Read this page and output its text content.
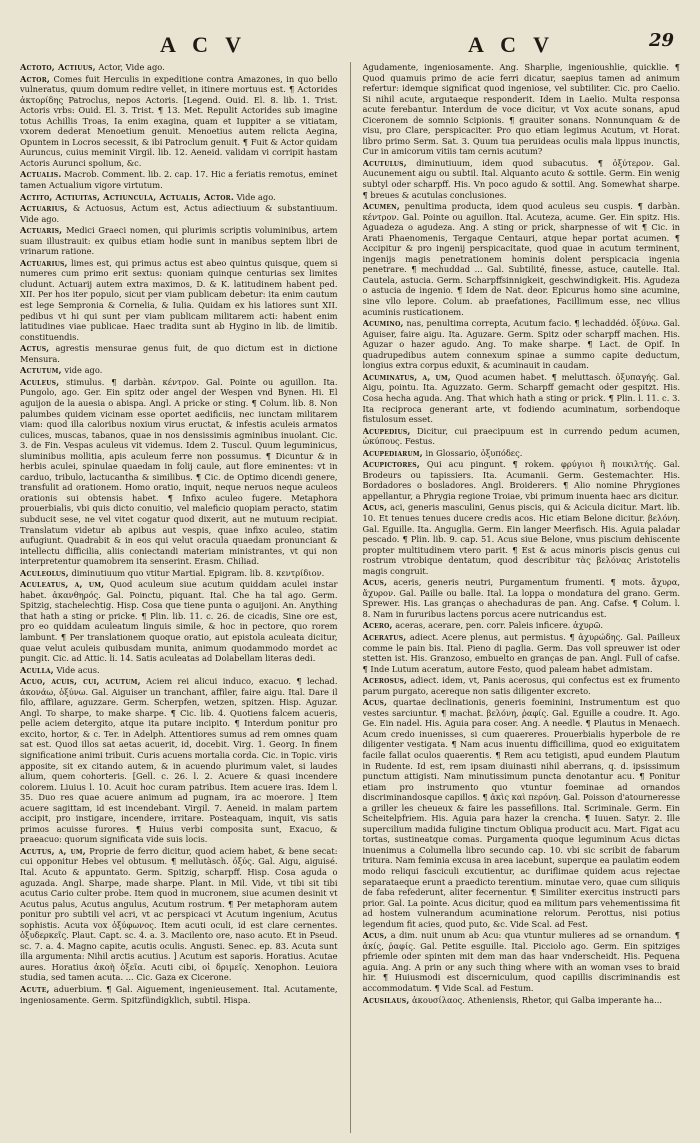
A C V	A C V	29

Actoto, Actiuus, Actor, Vide ago.

Actor, Comes fuit Herculis in expeditione contra Amazones, in quo bello vulneratus, quum domum redire vellet, in itinere mortuus est. ¶ Actorides ἀκτορίδης Patroclus, nepos Actoris. [Legend. Ouid. El. 8. lib. 1. Trist. Actoris vrbs: Ouid. El. 3. Trist. ¶ 13. Met. Repulit Actorides sub imagine totus Achillis Troas, Ia enim exagina, quam et Iuppiter a se vitiatam, vxorem dederat Menoetium genuit. Menoetius autem relicta Aegina, Opuntem in Locros secessit, & ibi Patroclum genuit. ¶ Fuit & Actor quidam Auruncus, cuius meminit Virgil. lib. 12. Aeneid. validam vi corripit hastam Actoris Aurunci spolium, &c.

Actualis. Macrob. Comment. lib. 2. cap. 17. Hic a feriatis remotus, eminet tamen Actualium vigore virtutum.

Actito, Actiuitas, Actiuncula, Actualis, Actor. Vide ago.

Actuarius, & Actuosus, Actum est, Actus adiectiuum & substantiuum. Vide ago.

Actuaris, Medici Graeci nomen, qui plurimis scriptis voluminibus, artem suam illustrauit: ex quibus etiam hodie sunt in manibus septem libri de vrinarum ratione.

Actuarius, limes est, qui primus actus est abeo quintus quisque, quem si numeres cum primo erit sextus: quoniam quinque centurias sex limites cludunt. Actuarij autem extra maximos, D. & K. latitudinem habent ped. XII. Per hos iter populo, sicut per viam publicam debetur: ita enim cautum est lege Sempronia & Cornelia, & Iulia. Quidam ex his latiores sunt XII. pedibus vt hi qui sunt per viam publicam militarem acti: habent enim latitudines viae publicae. Haec tradita sunt ab Hygino in lib. de limitib. constituendis.

Actus, agrestis mensurae genus fuit, de quo dictum est in dictione Mensura.

Actutum, vide ago.

Aculeus, stimulus. ¶ darbàn. κέντρον. Gal. Pointe ou aguillon. Ita. Pungolo, ago. Ger. Ein spitz oder angel der Wespen vnd Bynen. Hi. El aguijon de la auesia o abispa. Angl. A pricke or sting. ¶ Colum. lib. 8. Non palumbes quidem vicinam esse oportet aedificiis, nec iunctam militarem viam: quod illa caloribus noxium virus eructat, & infestis aculeis armatos culices, muscas, tabanos, quae in nos densissimis agminibus inuolant. Cic. 3. de Fin. Vespas aculeus vit videmus. Idem 2. Tuscul. Quum leguminicus, sluminibus mollitia, apis aculeum ferre non possumus. ¶ Dicuntur & in herbis aculei, spinulae quaedam in folij caule, aut flore eminentes: vt in carduo, tribulo, lactucantha & similibus. ¶ Cic. de Optimo dicendi genere, transfulit ad orationem. Homo oratio, inquit, neque neruos neque aculeos orationis sui obtensis habet. ¶ Infixo aculeo fugere. Metaphora prouerbialis, vbi quis dicto conuitio, vel maleficio quopiam peracto, statim subducit sese, ne vel vitet cogatur quod dixerit, aut ne mutuum recipiat. Translatum videtur ab apibus aut vespis, quae infixo aculeo, statim aufugiunt. Quadrabit & in eos qui velut oracula quaedam pronunciant & intellectu difficilia, aliis coniectandi materiam ministrantes, vt qui non interpretentur quamobrem ita senserint. Erasm. Chiliad.

Aculeolus, diminutiuum quo vtitur Martial. Epigram. lib. 8. κεντρίδιον.

Aculeatus, a, um, Quod aculeum siue acutum quiddam aculei instar habet. ἀκανθηρός. Gal. Poinctu, piquant. Ital. Che ha tal ago. Germ. Spitzig, stachelechtig. Hisp. Cosa que tiene punta o aguijoni. An. Anything that hath a sting or pricke. ¶ Plin. lib. 11. c. 26. de cicadis, Sine ore est, pro eo quiddam aculeatum linguis simile, & hoc in pectore, quo rorem lambunt. ¶ Per translationem quoque oratio, aut epistola aculeata dicitur, quae velut aculeis quibusdam munita, animum quodammodo mordet ac pungit. Cic. ad Attic. li. 14. Satis aculeatas ad Dolabellam literas dedi.

Aculla, Vide acus.

Acuo, acuis, cui, acutum, Aciem rei alicui induco, exacuo. ¶ lechad. ἀκονάω, ὀξύνω. Gal. Aiguiser un tranchant, affiler, faire aigu. Ital. Dare il filo, affilare, aguzzare. Germ. Scherpfen, wetzen, spitzen. Hisp. Aguzar. Angl. To sharpe, to make sharpe. ¶ Cic. lib. 4. Quotiens falcem acueris, pelle aciem detergito, atque ita putare incipito. ¶ Interdum ponitur pro excito, hortor, & c. Ter. in Adelph. Attentiores sumus ad rem omnes quam sat est. Quod illos sat aetas acuerit, id, docebit. Virg. 1. Georg. In finem significatione animi tribuit. Curis acuens mortalia corda. Cic. in Topic. viris apposite, sit ex citando autem, & in acuendo plurimum valet, si laudes alium, quem cohorteris. [Gell. c. 26. l. 2. Acuere & quasi incendere colorem. Liuius l. 10. Acuit hoc curam patribus. Item acuere iras. Idem l. 35. Duo res quae acuere animum ad pugnam, ira ac moerore. ] Item acuere sagittam, id est incendebant. Virgil. 7. Aeneid. in malam partem accipit, pro instigare, incendere, irritare. Posteaquam, inquit, vis satis primos acuisse furores. ¶ Huius verbi composita sunt, Exacuo, & praeacuo: quorum significata vide suis locis.

Acutus, a, um, Proprie de ferro dicitur, quod aciem habet, & bene secat: cui opponitur Hebes vel obtusum. ¶ mellutàsch. ὀξύς. Gal. Aigu, aiguisé. Ital. Acuto & appuntato. Germ. Spitzig, scharpff. Hisp. Cosa aguda o aguzada. Angl. Sharpe, made sharpe. Plant. in Mil. Vide, vt tibi sit tibi acutus Cario culter probe. Item quod in mucronem, siue acumen desinit vt Acutus palus, Acutus angulus, Acutum rostrum. ¶ Per metaphoram autem ponitur pro subtili vel acri, vt ac perspicaci vt Acutum ingenium, Acutus sophistis. Acuta vox ὀξύφωνος. Item acuti oculi, id est clare cernentes. ὀξυδερκεῖς. Plaut. Capt. sc. 4. a. 3. Macilento ore, naso acuto. Et in Pseud. sc. 7. a. 4. Magno capite, acutis oculis. Angusti. Senec. ep. 83. Acuta sunt illa argumenta: Nihil arctis acutius. ] Acutum est saporis. Horatius. Acutae aures. Horatius ἀκοὴ ὀξεῖα. Acuti cibi, οἱ δριμεῖς. Xenophon. Leuiora studia, sed tamen acuta. ... Cic. Gaza ex Cicerone.

Acute, aduerbium. ¶ Gal. Aiguement, ingenieusement. Ital. Acutamente, ingeniosamente. Germ. Spitzfündigklich, subtil. Hispa.

Agudamente, ingeniosamente. Ang. Sharplie, ingenioushlie, quicklie. ¶ Quod quamuis primo de acie ferri dicatur, saepius tamen ad animum refertur: idemque significat quod ingeniose, vel subtiliter. Cic. pro Caelio. Si nihil acute, argutaeque responderit. Idem in Laelio. Multa responsa acute ferebantur. Interdum de voce dicitur, vt Vox acute sonans, apud Ciceronem de somnio Scipionis. ¶ grauiter sonans. Nonnunquam & de visu, pro Clare, perspicaciter. Pro quo etiam legimus Acutum, vt Horat. libro primo Serm. Sat. 3. Quum tua peruideas oculis mala lippus inunctis, Cur in amicorum vitiis tam cernis acutum?

Acutulus, diminutiuum, idem quod subacutus. ¶ ὀξύτερον. Gal. Aucunement aigu ou subtil. Ital. Alquanto acuto & sottile. Germ. Ein wenig subtyl oder scharpff. His. Vn poco agudo & sottil. Ang. Somewhat sharpe. ¶ breues & acutulas conclusiones.

Acumen, penultima producta, idem quod aculeus seu cuspis. ¶ darbàn. κέντρον. Gal. Pointe ou aguillon. Ital. Acuteza, acume. Ger. Ein spitz. His. Aguadeza o agudeza. Ang. A sting or prick, sharpnesse of wit ¶ Cic. in Arati Phaenomenis, Tergaque Centauri, atque hepar portat acumen. ¶ Accipitur & pro ingenij perspicacitate, quod quae in acutum terminent, ingenijs magis penetrationem hominis dolent perspicacia ingenia penetrare. ¶ mechuddad ... Gal. Subtilité, finesse, astuce, cautelle. Ital. Cautela, astucia. Germ. Scharpffsinnigkeit, geschwindigkeit. His. Agudeza o astucia de ingenio. ¶ Idem de Nat. deor. Epicurus homo sine acumine, sine vllo lepore. Colum. ab praefationes, Facillimum esse, nec vllius acuminis rusticationem.

Acumino, nas, penultima correpta, Acutum facio. ¶ lechaddéd. ὀξύνω. Gal. Aguiser, faire aigu. Ita. Aguzare. Germ. Spitz oder scharpff machen. His. Aguzar o hazer agudo. Ang. To make sharpe. ¶ Lact. de Opif. In quadrupedibus autem connexum spinae a summo capite deductum, longius extra corpus eduxit, & acuminauit in caudam.

Acuminatus, a, um, Quod acumen habet. ¶ meluttasch. ὀξυπαγής. Gal. Aigu, pointu. Ita. Aguzzato. Germ. Scharpff gemacht oder gespitzt. His. Cosa hecha aguda. Ang. That which hath a sting or prick. ¶ Plin. l. 11. c. 3. Ita reciproca generant arte, vt fodiendo acuminatum, sorbendoque fistulosum esset.

Acupedius, Dicitur, cui praecipuum est in currendo pedum acumen, ὠκύπους. Festus.

Acupediarum, in Glossario, ὀξυπόδες.

Acupictores, Qui acu pingunt. ¶ rokem. φρύγιοι ἢ ποικιλτής. Gal. Brodeurs ou tapissiers. Ita. Acumanii. Germ. Gestemachter. His. Bordadores o bosladores. Angl. Broiderers. ¶ Alio nomine Phrygiones appellantur, a Phrygia regione Troiae, vbi primum inuenta haec ars dicitur.

Acus, aci, generis masculini, Genus piscis, qui & Acicula dicitur. Mart. lib. 10. Et tenues tenues ducere credis acos. Hic etiam Belone dicitur. βελόνη. Gal. Eguille. Ita. Anguglia. Germ. Ein langer Meerfisch. His. Aguia paladar pescado. ¶ Plin. lib. 9. cap. 51. Acus siue Belone, vnus piscium dehiscente propter multitudinem vtero parit. ¶ Est & acus minoris piscis genus cui rostrum vtrobique dentatum, quod describitur τὰς βελόνας Aristotelis magis congruit.

Acus, aceris, generis neutri, Purgamentum frumenti. ¶ mots. ἄχυρα, ἄχυρον. Gal. Paille ou balle. Ital. La loppa o mondatura del grano. Germ. Sprewer. His. Las granças o ahechaduras de pan. Ang. Cafse. ¶ Colum. l. 8. Nam in fururibus lactens porcus acere nutricandus est.

Acero, aceras, acerare, pen. corr. Paleis inficere. ἀχυρῶ.

Aceratus, adiect. Acere plenus, aut permistus. ¶ ἀχυρώδης. Gal. Pailleux comme le pain bis. Ital. Pieno di paglia. Germ. Das voll spreuwer ist oder stetten ist. His. Granzoso, embuelto en granças de pan. Angl. Full of cafse. ¶ Inde Lutum aceratum, autore Festo, quod paleam habet admistam.

Acerosus, adiect. idem, vt, Panis acerosus, qui confectus est ex frumento parum purgato, acereque non satis diligenter excreto.

Acus, quartae declinationis, generis foeminini, Instrumentum est quo vestes sarciuntur. ¶ machat. βελόνη, ῥαφίς. Gal. Eguille a coudre. It. Ago. Ge. Ein nadel. His. Aguia para coser. Ang. A needle. ¶ Plautus in Menaech. Acum credo inuenisses, si cum quaereres. Prouerbialis hyperbole de re diligenter vestigata. ¶ Nam acus inuentu difficillima, quod eo exiguitatem facile fallat oculos quaerentis. ¶ Rem acu tetigisti, apud eundem Plautum in Rudente. Id est, rem ipsam diuinasti nihil aberrans, q. d. ipsissimum punctum attigisti. Nam minutissimum puncta denotantur acu. ¶ Ponitur etiam pro instrumento quo vtuntur foeminae ad ornandos discriminandosque capillos. ¶ ἀκὶς καὶ περόνη. Gal. Poisson d'atourneresse a griller les cheueux & faire les passefillons. Ital. Scriminale. Germ. Ein Scheitelpfriem. His. Aguia para hazer la crencha. ¶ Iuuen. Satyr. 2. Ille supercilium madida fuligine tinctum Obliqua producit acu. Mart. Figat acu tortas, sustineatque comas. Purgamenta quoque leguminum Acus dictas inuenimus a Columella libro secundo cap. 10. vbi sic scribit de fabarum tritura. Nam feminia excusa in area iacebunt, superque ea paulatim eodem modo reliqui fasciculi excutientur, ac duriflimae quidem acus rejectae separataeque erunt a praedicto terentium. minutae vero, quae cum siliquis de faba refederunt, aliter fecernentur. ¶ Similiter exercitus instructi pars prior. Gal. La pointe. Acus dicitur, quod ea militum pars vehementissima fit ad hostem vulnerandum acuminatione relorum. Perottus, nisi potius legendum fit acies, quod puto, &c. Vide Scal. ad Fest.

Acus, a dim. nuit unum ab Acu: qua vtuntur mulieres ad se ornandum. ¶ ἀκίς, ῥαφίς. Gal. Petite esguille. Ital. Picciolo ago. Germ. Ein spitziges pfriemle oder spinten mit dem man das haar vnderscheidt. His. Pequena aguia. Ang. A prin or any such thing where with an woman vses to braid hir. ¶ Huiusmodi est discerniculum, quod capillis discriminandis est accommodatum. ¶ Vide Scal. ad Festum.

Acusilaus, ἀκουσίλαος. Atheniensis, Rhetor, qui Galba imperante ha...
